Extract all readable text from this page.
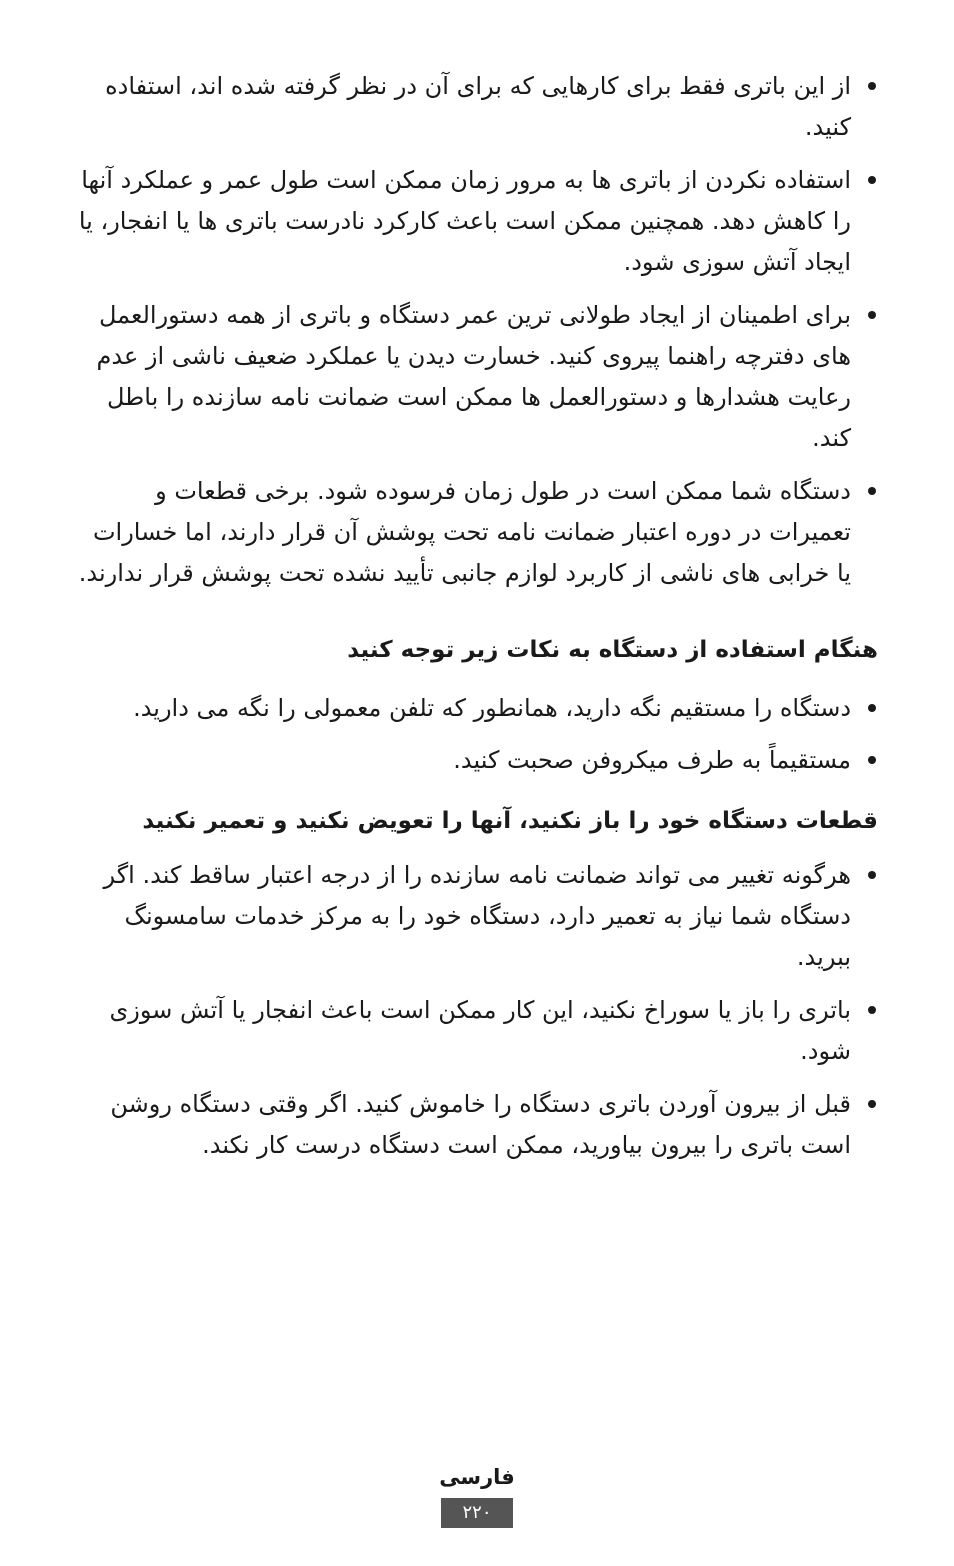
از این باتری فقط برای کارهایی که برای آن در نظر گرفته شده اند، استفاده کنید.
استفاده نکردن از باتری ها به مرور زمان ممکن است طول عمر و عملکرد آنها را کاهش دهد. همچنین ممکن است باعث کارکرد نادرست باتری ها یا انفجار، یا ایجاد آتش سوزی شود.
برای اطمینان از ایجاد طولانی ترین عمر دستگاه و باتری از همه دستورالعمل های دفترچه راهنما پیروی کنید. خسارت دیدن یا عملکرد ضعیف ناشی از عدم رعایت هشدارها و دستورالعمل ها ممکن است ضمانت نامه سازنده را باطل کند.
دستگاه شما ممکن است در طول زمان فرسوده شود. برخی قطعات و تعمیرات در دوره اعتبار ضمانت نامه تحت پوشش آن قرار دارند، اما خسارات یا خرابی های ناشی از کاربرد لوازم جانبی تأیید نشده تحت پوشش قرار ندارند.
هنگام استفاده از دستگاه به نکات زیر توجه کنید
دستگاه را مستقیم نگه دارید، همانطور که تلفن معمولی را نگه می دارید.
مستقیماً به طرف میکروفن صحبت کنید.
قطعات دستگاه خود را باز نکنید، آنها را تعویض نکنید و تعمیر نکنید
هرگونه تغییر می تواند ضمانت نامه سازنده را از درجه اعتبار ساقط کند. اگر دستگاه شما نیاز به تعمیر دارد، دستگاه خود را به مرکز خدمات سامسونگ ببرید.
باتری را باز یا سوراخ نکنید، این کار ممکن است باعث انفجار یا آتش سوزی شود.
قبل از بیرون آوردن باتری دستگاه را خاموش کنید. اگر وقتی دستگاه روشن است باتری را بیرون بیاورید، ممکن است دستگاه درست کار نکند.
فارسی
۲۲۰
